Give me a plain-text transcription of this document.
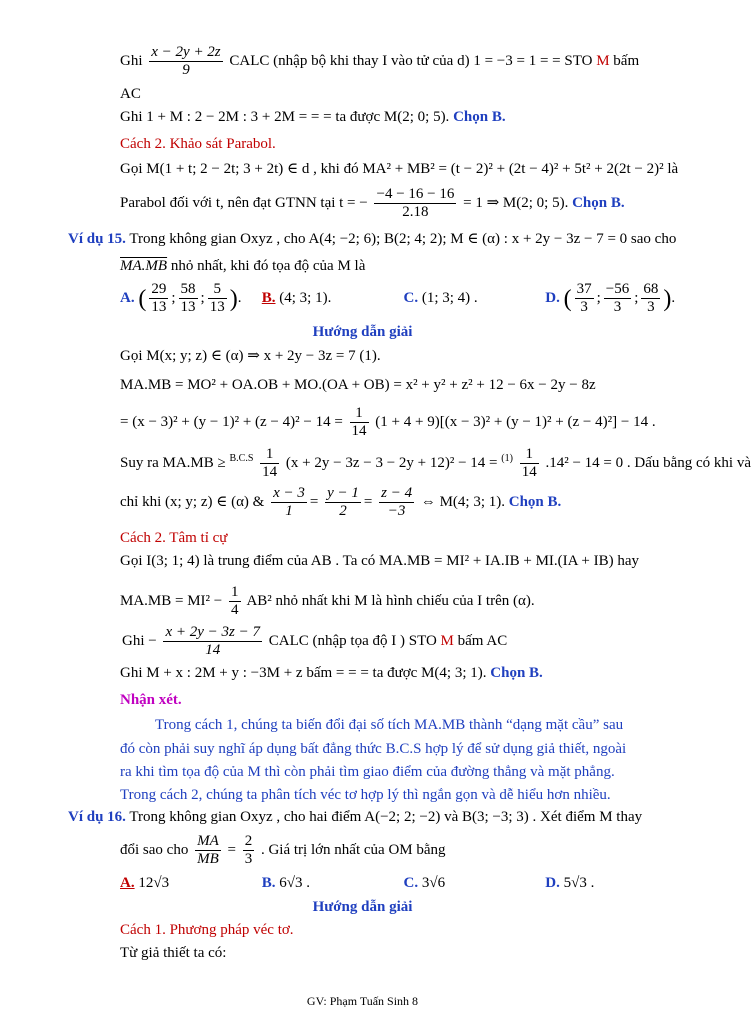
Ghi $\frac{x - 2y + 2z}{9}$ CALC (nhập bộ khi thay I vào tử của d) 1 = −3 = 1 = = STO M bấm
AC
Ghi 1 + M : 2 − 2M : 3 + 2M = = = ta được M(2; 0; 5). Chọn B.
Cách 2. Khảo sát Parabol.
Gọi M(1 + t; 2 − 2t; 3 + 2t) ∈ d , khi đó MA² + MB² = (t − 2)² + (2t − 4)² + 5t² + 2(2t − 2)² là
Parabol đối với t, nên đạt GTNN tại t = − $\frac{-4 - 16 - 16}{2.18} = 1$ ⇒ M(2; 0; 5). Chọn B.
Ví dụ 15. Trong không gian Oxyz , cho A(4; −2; 6); B(2; 4; 2); M ∈ (α) : x + 2y − 3z − 7 = 0 sao cho
MA.MB nhỏ nhất, khi đó tọa độ của M là
A. ( $\frac{29}{13}$ ; $\frac{58}{13}$ ; $\frac{5}{13}$ ). B. (4; 3; 1).	C. (1; 3; 4) .	D. ( $\frac{37}{3}$ ; $\frac{-56}{3}$ ; $\frac{68}{3}$ ).
Hướng dẫn giải
Gọi M(x; y; z) ∈ (α) ⇒ x + 2y − 3z = 7 (1).
MA.MB = MO² + OA.OB + MO.(OA + OB) = x² + y² + z² + 12 − 6x − 2y − 8z
= $(x - 3)^2 + (y - 1)^2 + (z - 4)^2 - 14 = \frac{1}{14} (1 + 4 + 9)[(x - 3)^2 + (y - 1)^2 + (z - 4)^2] - 14$ .
Suy ra $MA.MB \ge ^{B.C.S} \frac{1}{14} (x + 2y - 3z - 3 - 2y + 12)^2 - 14 = ^{(1)} \frac{1}{14} .14^2 - 14 = 0$ . Dấu bằng có khi và
chỉ khi (x; y; z) ∈ (α) & $\frac{x - 3}{1} = \frac{y - 1}{2} = \frac{z - 4}{-3}$ ⇔ M(4; 3; 1). Chọn B.
Cách 2. Tâm tỉ cự
Gọi I(3; 1; 4) là trung điểm của AB . Ta có MA.MB = MI² + IA.IB + MI.(IA + IB) hay
$MA.MB = MI^2 - \frac{1}{4} AB^2$ nhỏ nhất khi M là hình chiếu của I trên (α).
Ghi − $\frac{x + 2y - 3z - 7}{14}$ CALC (nhập tọa độ I ) STO M bấm AC
Ghi M + x : 2M + y : −3M + z bấm = = = ta được M(4; 3; 1). Chọn B.
Nhận xét.
Trong cách 1, chúng ta biến đổi đại số tích MA.MB thành “dạng mặt cầu” sau
đó còn phải suy nghĩ áp dụng bất đẳng thức B.C.S hợp lý để sử dụng giả thiết, ngoài
ra khi tìm tọa độ của M thì còn phải tìm giao điểm của đường thẳng và mặt phẳng.
Trong cách 2, chúng ta phân tích véc tơ hợp lý thì ngắn gọn và dễ hiểu hơn nhiều.
Ví dụ 16. Trong không gian Oxyz , cho hai điểm A(−2; 2; −2) và B(3; −3; 3) . Xét điểm M thay
đổi sao cho $\frac{MA}{MB} = \frac{2}{3}$ . Giá trị lớn nhất của OM bằng
A. 12√3	B. 6√3 .	C. 3√6	D. 5√3 .
Hướng dẫn giải
Cách 1. Phương pháp véc tơ.
Từ giả thiết ta có:
GV: Phạm Tuấn Sinh 8
